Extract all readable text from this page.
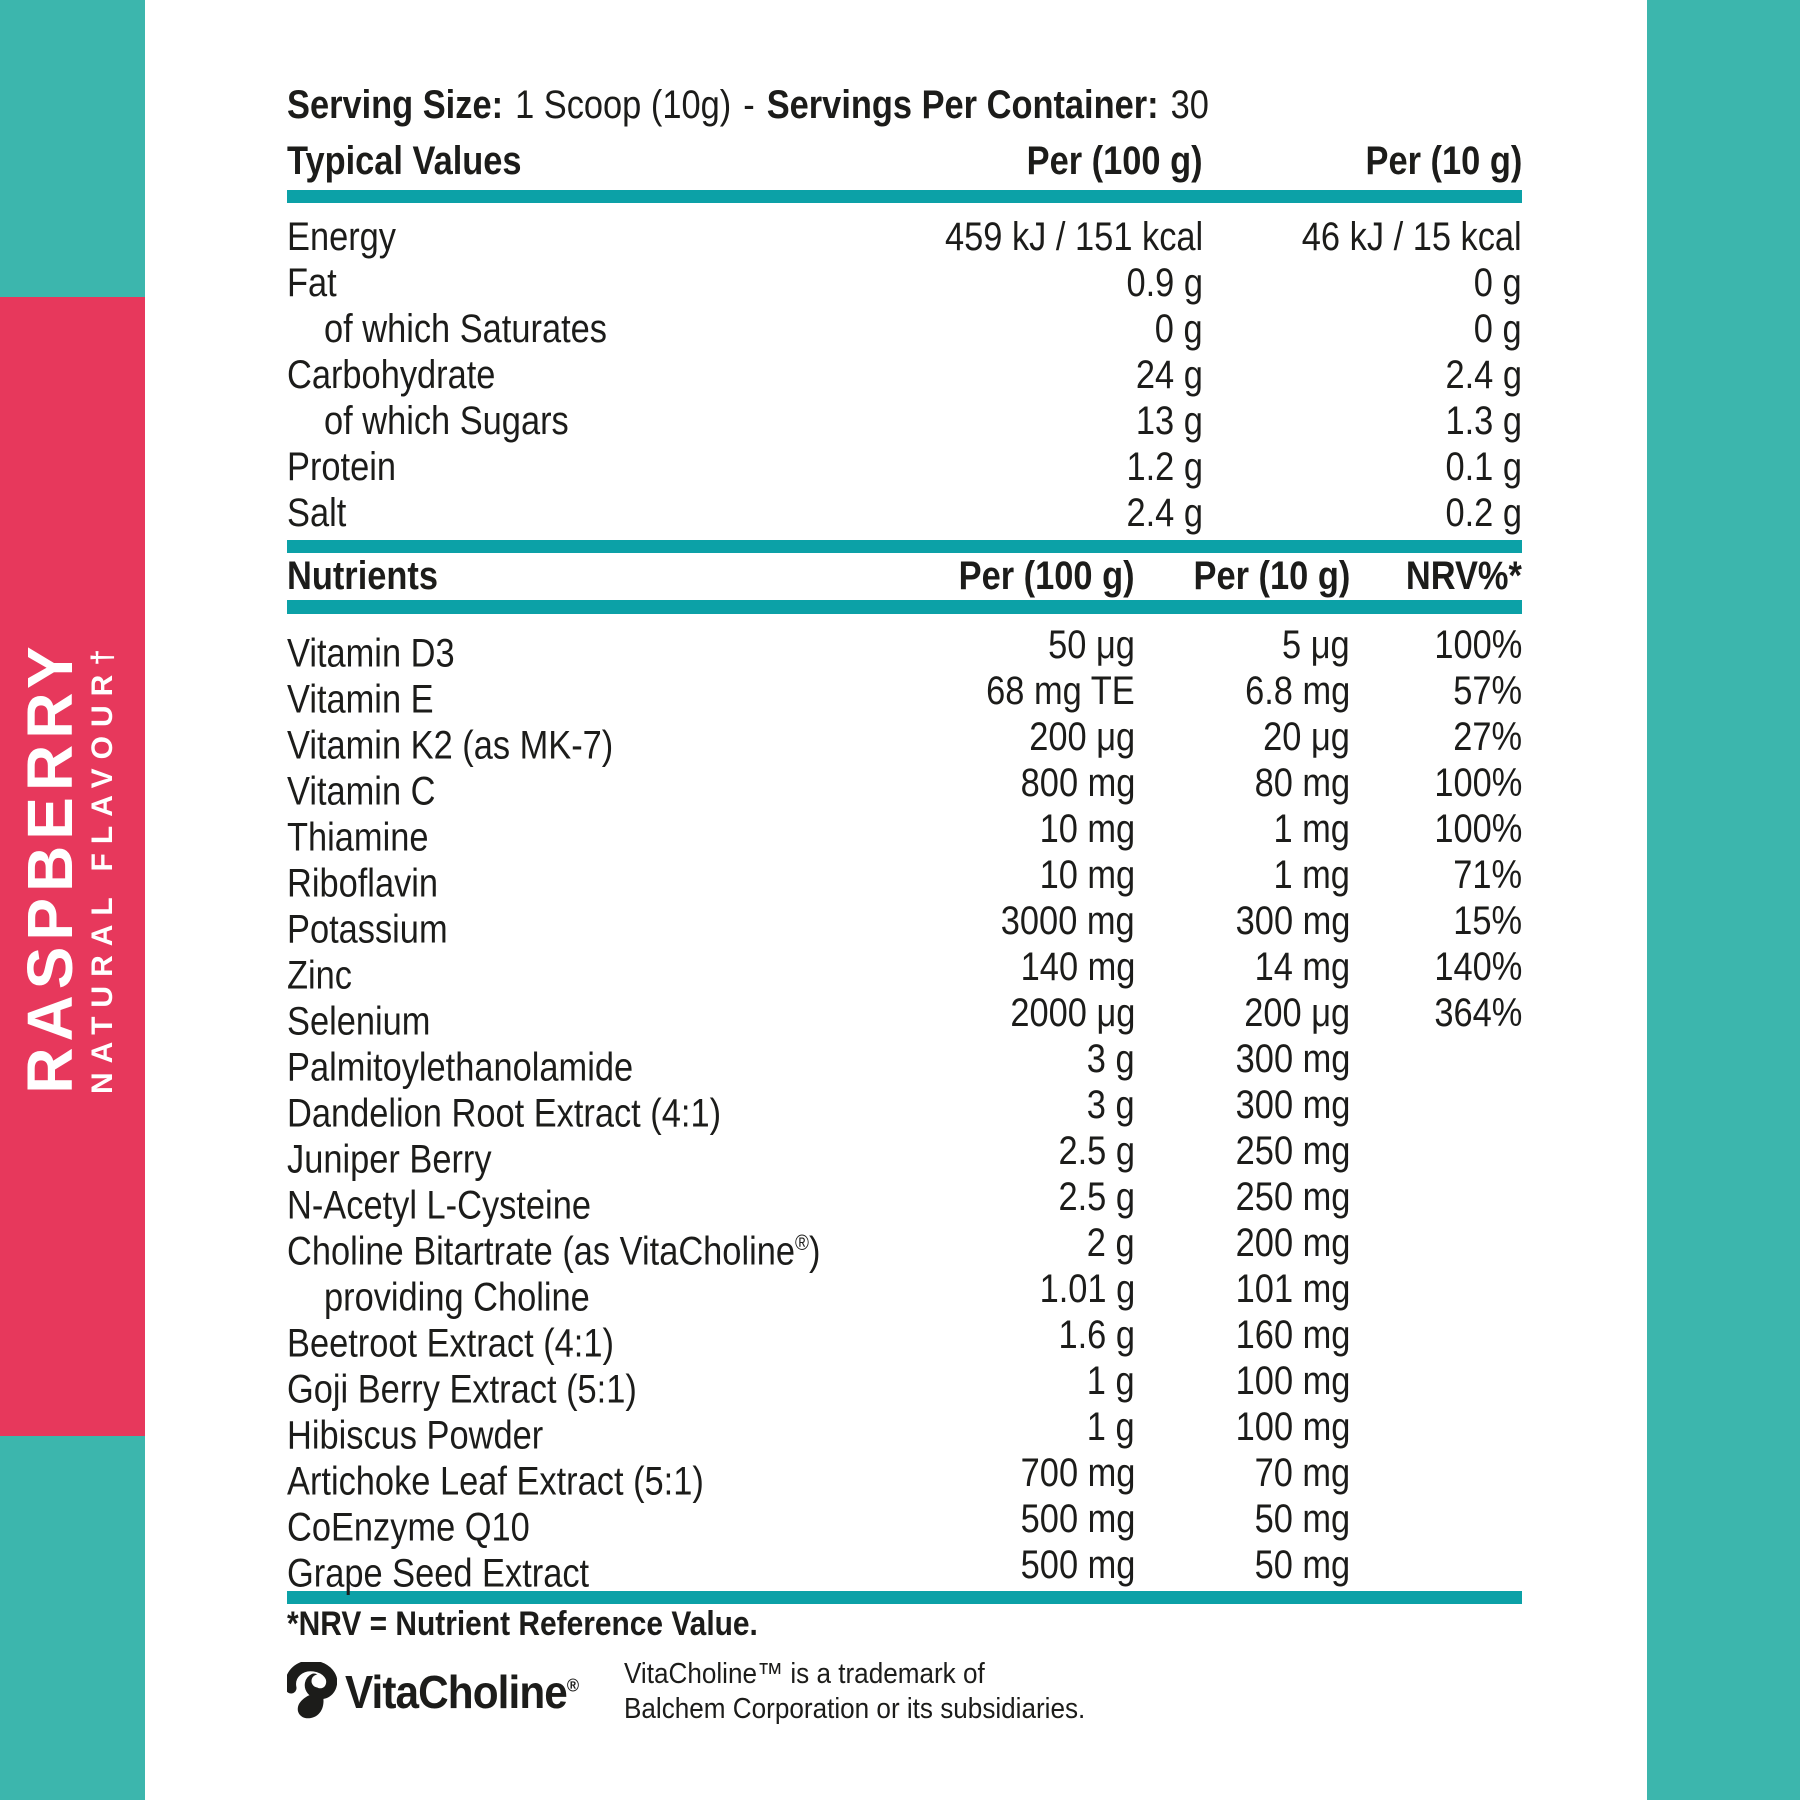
RASPBERRY NATURAL FLAVOUR†
Serving Size: 1 Scoop (10g) - Servings Per Container: 30
Typical Values	Per (100 g)	Per (10 g)
Energy	459 kJ / 151 kcal	46 kJ / 15 kcal
Fat	0.9 g	0 g
of which Saturates	0 g	0 g
Carbohydrate	24 g	2.4 g
of which Sugars	13 g	1.3 g
Protein	1.2 g	0.1 g
Salt	2.4 g	0.2 g
Nutrients	Per (100 g)	Per (10 g)	NRV%*
Vitamin D3	50 μg	5 μg	100%
Vitamin E	68 mg TE	6.8 mg	57%
Vitamin K2 (as MK-7)	200 μg	20 μg	27%
Vitamin C	800 mg	80 mg	100%
Thiamine	10 mg	1 mg	100%
Riboflavin	10 mg	1 mg	71%
Potassium	3000 mg	300 mg	15%
Zinc	140 mg	14 mg	140%
Selenium	2000 μg	200 μg	364%
Palmitoylethanolamide	3 g	300 mg
Dandelion Root Extract (4:1)	3 g	300 mg
Juniper Berry	2.5 g	250 mg
N-Acetyl L-Cysteine	2.5 g	250 mg
Choline Bitartrate (as VitaCholine®)	2 g	200 mg
providing Choline	1.01 g	101 mg
Beetroot Extract (4:1)	1.6 g	160 mg
Goji Berry Extract (5:1)	1 g	100 mg
Hibiscus Powder	1 g	100 mg
Artichoke Leaf Extract (5:1)	700 mg	70 mg
CoEnzyme Q10	500 mg	50 mg
Grape Seed Extract	500 mg	50 mg
*NRV = Nutrient Reference Value.
VitaCholine® VitaCholine™ is a trademark of
Balchem Corporation or its subsidiaries.
